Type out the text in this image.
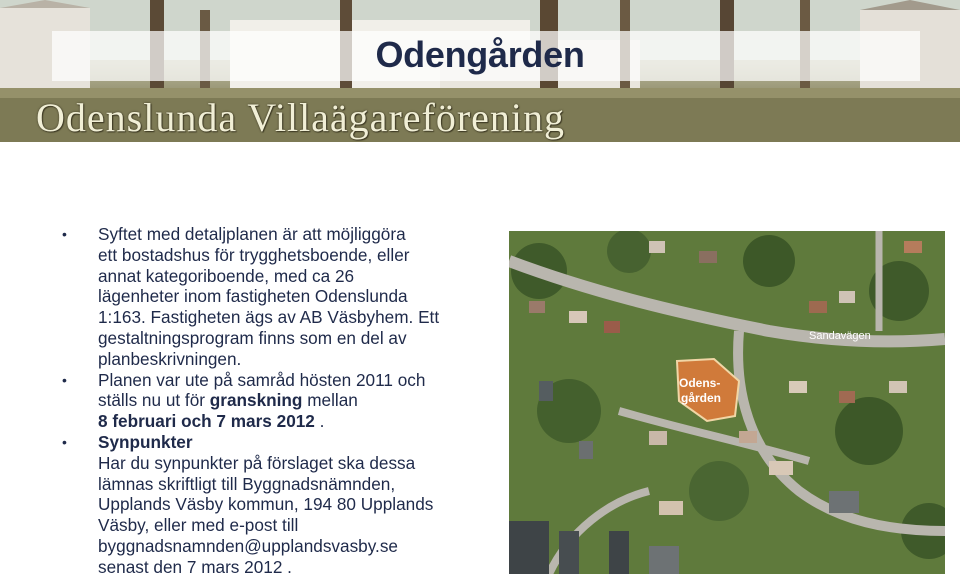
Odengården
Odenslunda Villaägareförening
• Syftet med detaljplanen är att möjliggöra
ett bostadshus för trygghetsboende, eller
annat kategoriboende, med ca 26
lägenheter inom fastigheten Odenslunda
1:163. Fastigheten ägs av AB Väsbyhem. Ett
gestaltningsprogram finns som en del av
planbeskrivningen.
• Planen var ute på samråd hösten 2011 och
ställs nu ut för granskning mellan
8 februari och 7 mars 2012 .
• Synpunkter
Har du synpunkter på förslaget ska dessa
lämnas skriftligt till Byggnadsnämnden,
Upplands Väsby kommun, 194 80 Upplands
Väsby, eller med e-post till
byggnadsnamnden@upplandsvasby.se
senast den 7 mars 2012 .
Sandavägen
Odens-
gården
